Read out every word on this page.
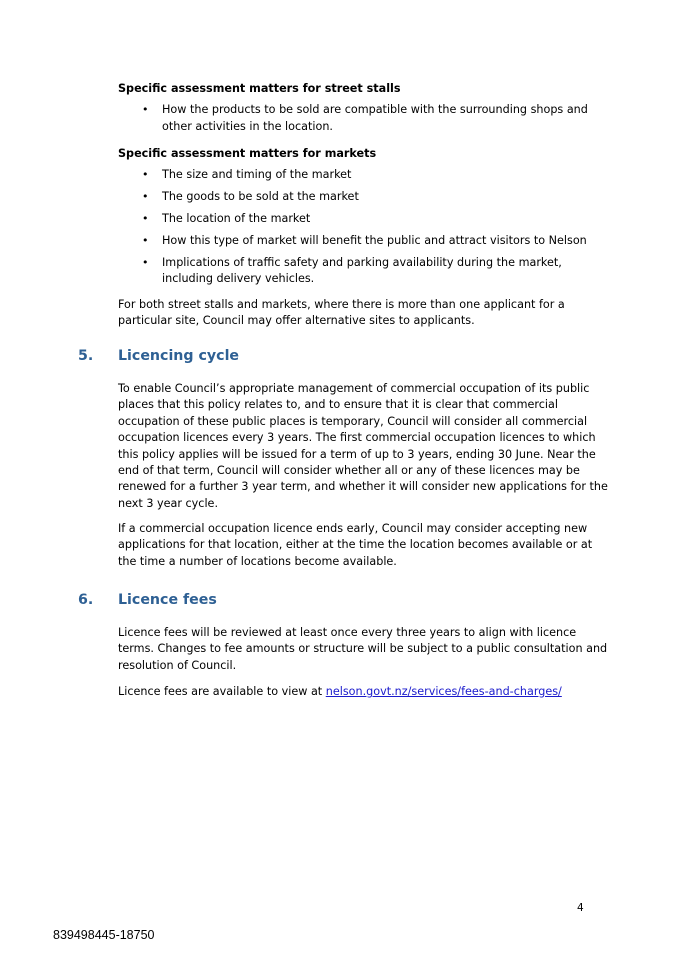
Specific assessment matters for street stalls

• How the products to be sold are compatible with the surrounding shops and other activities in the location.

Specific assessment matters for markets

• The size and timing of the market
• The goods to be sold at the market
• The location of the market
• How this type of market will benefit the public and attract visitors to Nelson
• Implications of traffic safety and parking availability during the market, including delivery vehicles.

For both street stalls and markets, where there is more than one applicant for a particular site, Council may offer alternative sites to applicants.

5. Licencing cycle

To enable Council’s appropriate management of commercial occupation of its public places that this policy relates to, and to ensure that it is clear that commercial occupation of these public places is temporary, Council will consider all commercial occupation licences every 3 years. The first commercial occupation licences to which this policy applies will be issued for a term of up to 3 years, ending 30 June. Near the end of that term, Council will consider whether all or any of these licences may be renewed for a further 3 year term, and whether it will consider new applications for the next 3 year cycle.

If a commercial occupation licence ends early, Council may consider accepting new applications for that location, either at the time the location becomes available or at the time a number of locations become available.

6. Licence fees

Licence fees will be reviewed at least once every three years to align with licence terms. Changes to fee amounts or structure will be subject to a public consultation and resolution of Council.

Licence fees are available to view at nelson.govt.nz/services/fees-and-charges/

4
839498445-18750
